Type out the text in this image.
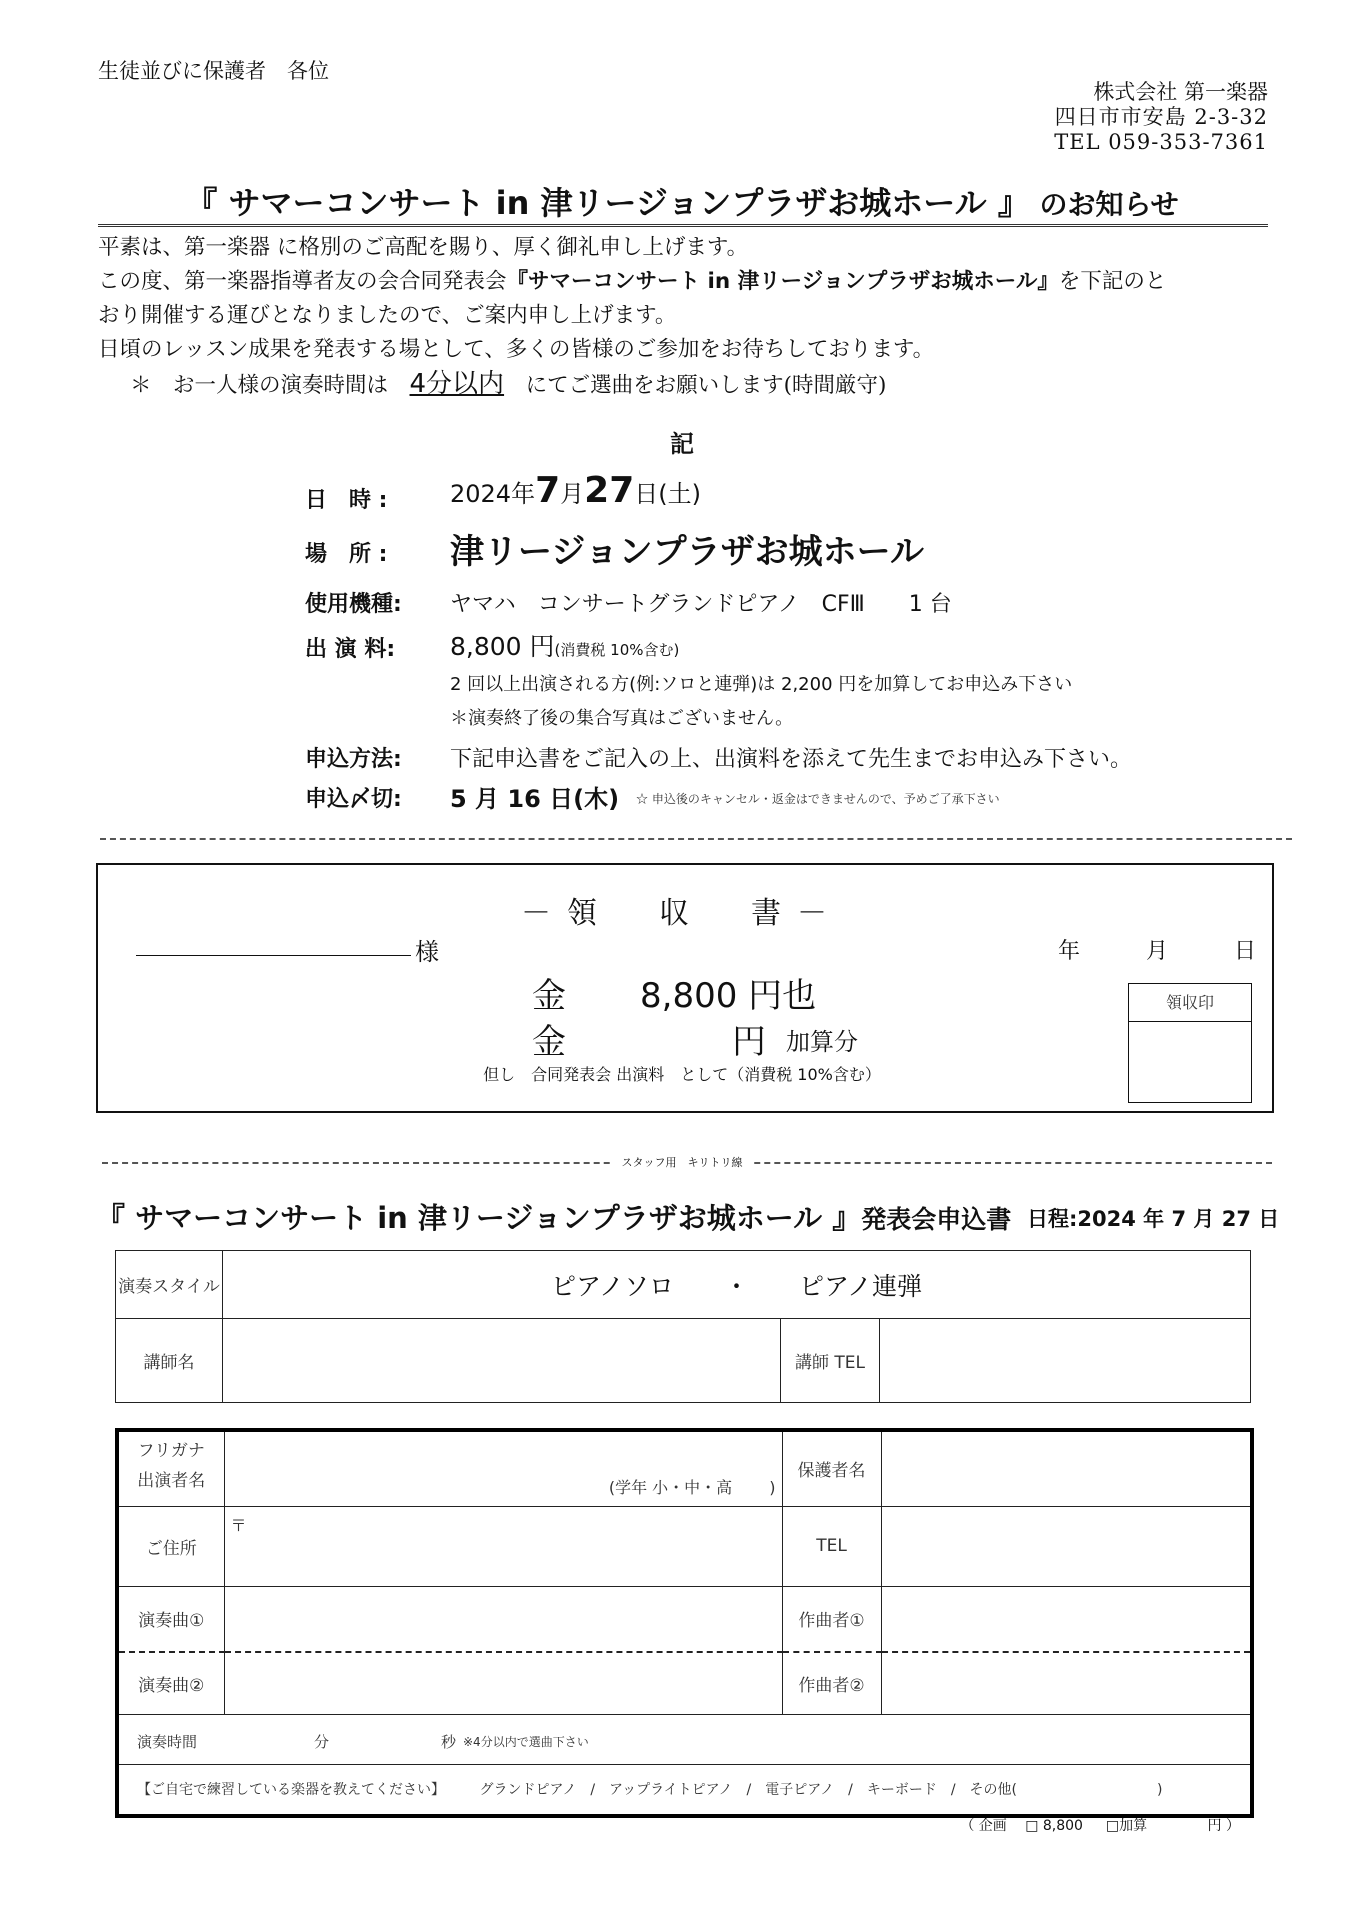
生徒並びに保護者　各位
株式会社 第一楽器
四日市市安島 2-3-32
TEL 059-353-7361
『 サマーコンサート in 津リージョンプラザお城ホール 』 のお知らせ
平素は、第一楽器 に格別のご高配を賜り、厚く御礼申し上げます。
この度、第一楽器指導者友の会合同発表会『サマーコンサート in 津リージョンプラザお城ホール』を下記のと
おり開催する運びとなりましたので、ご案内申し上げます。
日頃のレッスン成果を発表する場として、多くの皆様のご参加をお待ちしております。
＊　お一人様の演奏時間は　4分以内　にてご選曲をお願いします(時間厳守)
記
日　時 :	2024年7月27日(土)
場　所 : 津リージョンプラザお城ホール
使用機種: ヤマハ　コンサートグランドピアノ　CFⅢ　　1 台
出 演 料: 8,800 円(消費税 10%含む)
2 回以上出演される方(例:ソロと連弾)は 2,200 円を加算してお申込み下さい
＊演奏終了後の集合写真はございません。
申込方法: 下記申込書をご記入の上、出演料を添えて先生までお申込み下さい。
申込〆切: 5 月 16 日(木) ☆ 申込後のキャンセル・返金はできませんので、予めご了承下さい
－領　収　書－
様	年	月	日
金 8,800 円也
金	円 加算分
但し　合同発表会 出演料　として（消費税 10%含む）
領収印
スタッフ用　キリトリ線
『 サマーコンサート in 津リージョンプラザお城ホール 』発表会申込書 日程:2024 年 7 月 27 日
演奏スタイル	ピアノソロ　　・　　ピアノ連弾		
講師名		講師 TEL	
フリガナ
出演者名	(学年 小・中・高　　 )	保護者名	
ご住所	〒	TEL	
演奏曲①		作曲者①	
演奏曲②		作曲者②	

演奏時間 分 秒 ※4分以内で選曲下さい			

【ご自宅で練習している楽器を教えてください】 グランドピアノ　/　アップライトピアノ　/　電子ピアノ　/　キーボード　/　その他(　　　　　　　　　　)			
（ 企画　 □ 8,800 　 □加算　　　　 円 ）
